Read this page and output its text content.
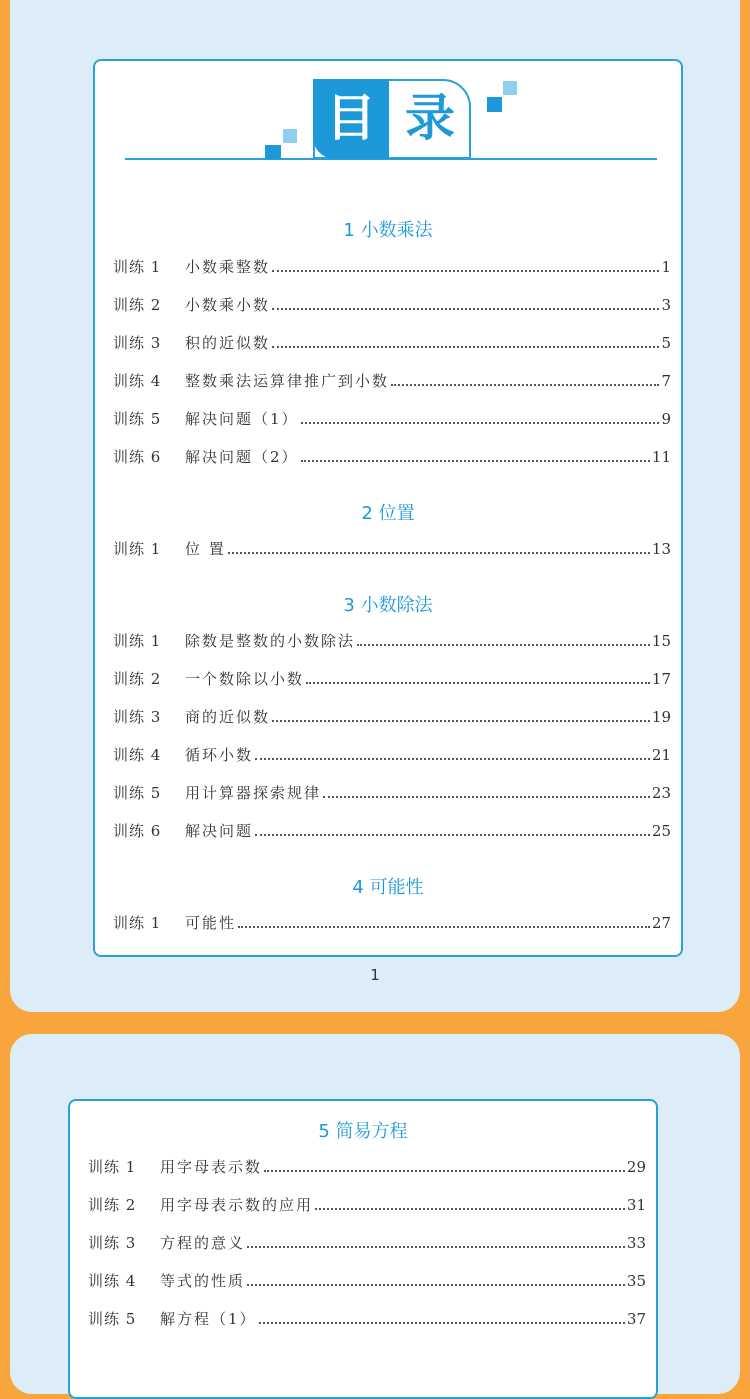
目 录
1 小数乘法
训练 1	小数乘整数	1
训练 2	小数乘小数	3
训练 3	积的近似数	5
训练 4	整数乘法运算律推广到小数	7
训练 5	解决问题（1）	9
训练 6	解决问题（2）	11
2 位置
训练 1	位 置	13
3 小数除法
训练 1	除数是整数的小数除法	15
训练 2	一个数除以小数	17
训练 3	商的近似数	19
训练 4	循环小数	21
训练 5	用计算器探索规律	23
训练 6	解决问题	25
4 可能性
训练 1	可能性	27
1
5 简易方程
训练 1	用字母表示数	29
训练 2	用字母表示数的应用	31
训练 3	方程的意义	33
训练 4	等式的性质	35
训练 5	解方程（1）	37
